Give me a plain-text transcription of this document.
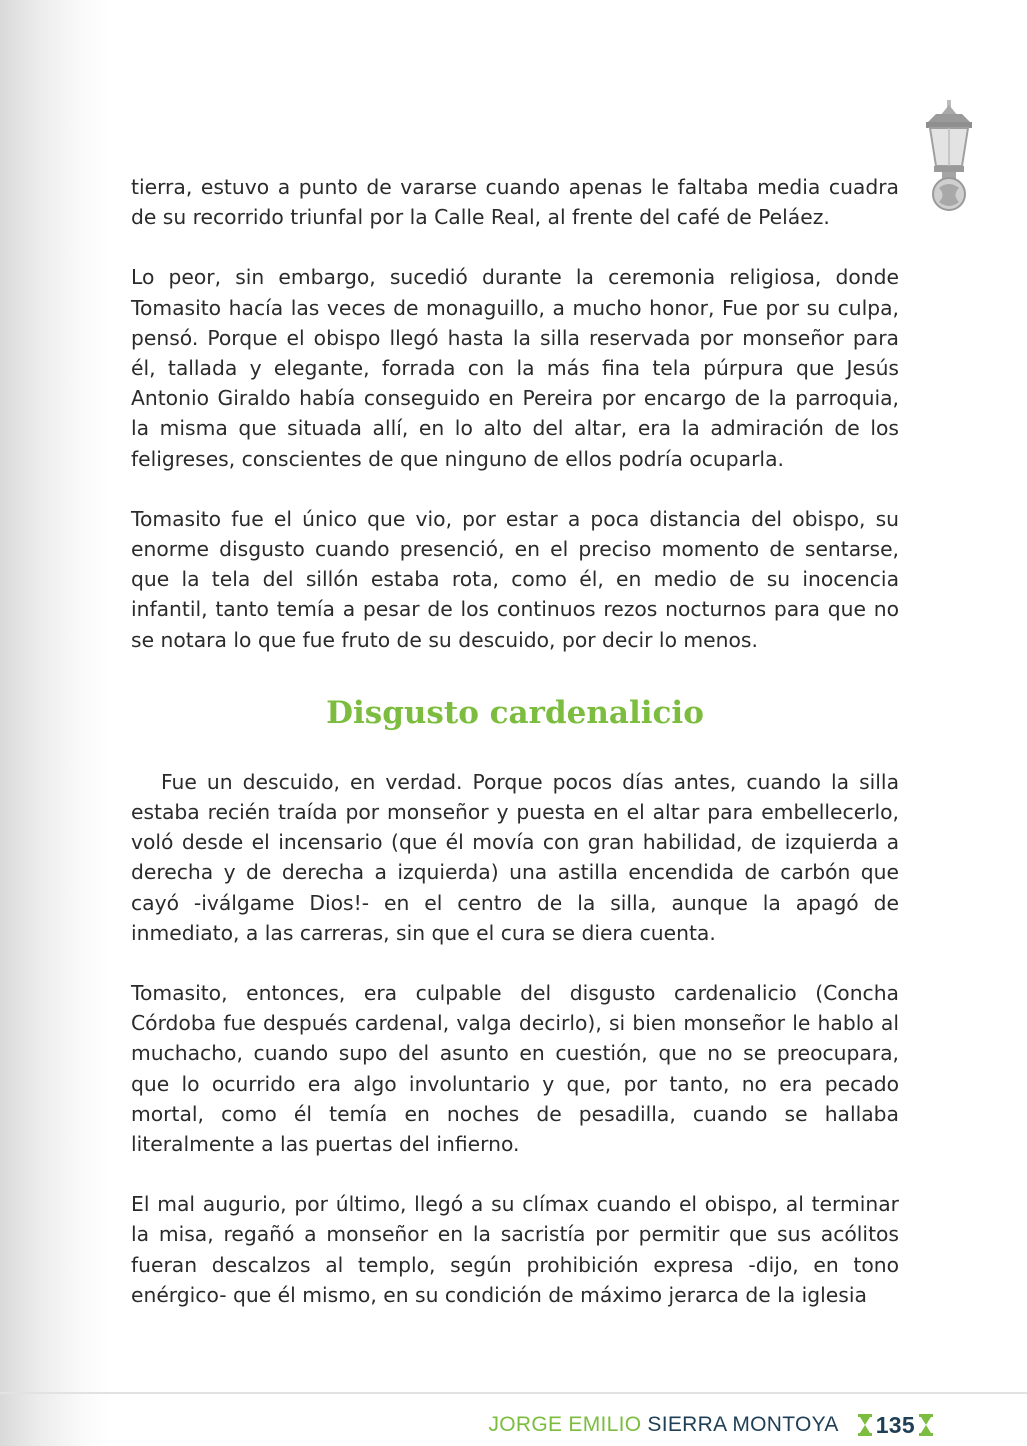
tierra, estuvo a punto de vararse cuando apenas le faltaba media cuadra de su recorrido triunfal por la Calle Real, al frente del café de Peláez.

Lo peor, sin embargo, sucedió durante la ceremonia religiosa, donde Tomasito hacía las veces de monaguillo, a mucho honor, Fue por su culpa, pensó. Porque el obispo llegó hasta la silla reservada por monseñor para él, tallada y elegante, forrada con la más fina tela púrpura que Jesús Antonio Giraldo había conseguido en Pereira por encargo de la parroquia, la misma que situada allí, en lo alto del altar, era la admiración de los feligreses, conscientes de que ninguno de ellos podría ocuparla.

Tomasito fue el único que vio, por estar a poca distancia del obispo, su enorme disgusto cuando presenció, en el preciso momento de sentarse, que la tela del sillón estaba rota, como él, en medio de su inocencia infantil, tanto temía a pesar de los continuos rezos nocturnos para que no se notara lo que fue fruto de su descuido, por decir lo menos.

Disgusto cardenalicio

Fue un descuido, en verdad. Porque pocos días antes, cuando la silla estaba recién traída por monseñor y puesta en el altar para embellecerlo, voló desde el incensario (que él movía con gran habilidad, de izquierda a derecha y de derecha a izquierda) una astilla encendida de carbón que cayó -iválgame Dios!- en el centro de la silla, aunque la apagó de inmediato, a las carreras, sin que el cura se diera cuenta.

Tomasito, entonces, era culpable del disgusto cardenalicio (Concha Córdoba fue después cardenal, valga decirlo), si bien monseñor le hablo al muchacho, cuando supo del asunto en cuestión, que no se preocupara, que lo ocurrido era algo involuntario y que, por tanto, no era pecado mortal, como él temía en noches de pesadilla, cuando se hallaba literalmente a las puertas del infierno.

El mal augurio, por último, llegó a su clímax cuando el obispo, al terminar la misa, regañó a monseñor en la sacristía por permitir que sus acólitos fueran descalzos al templo, según prohibición expresa -dijo, en tono enérgico- que él mismo, en su condición de máximo jerarca de la iglesia

JORGE EMILIO SIERRA MONTOYA 135
